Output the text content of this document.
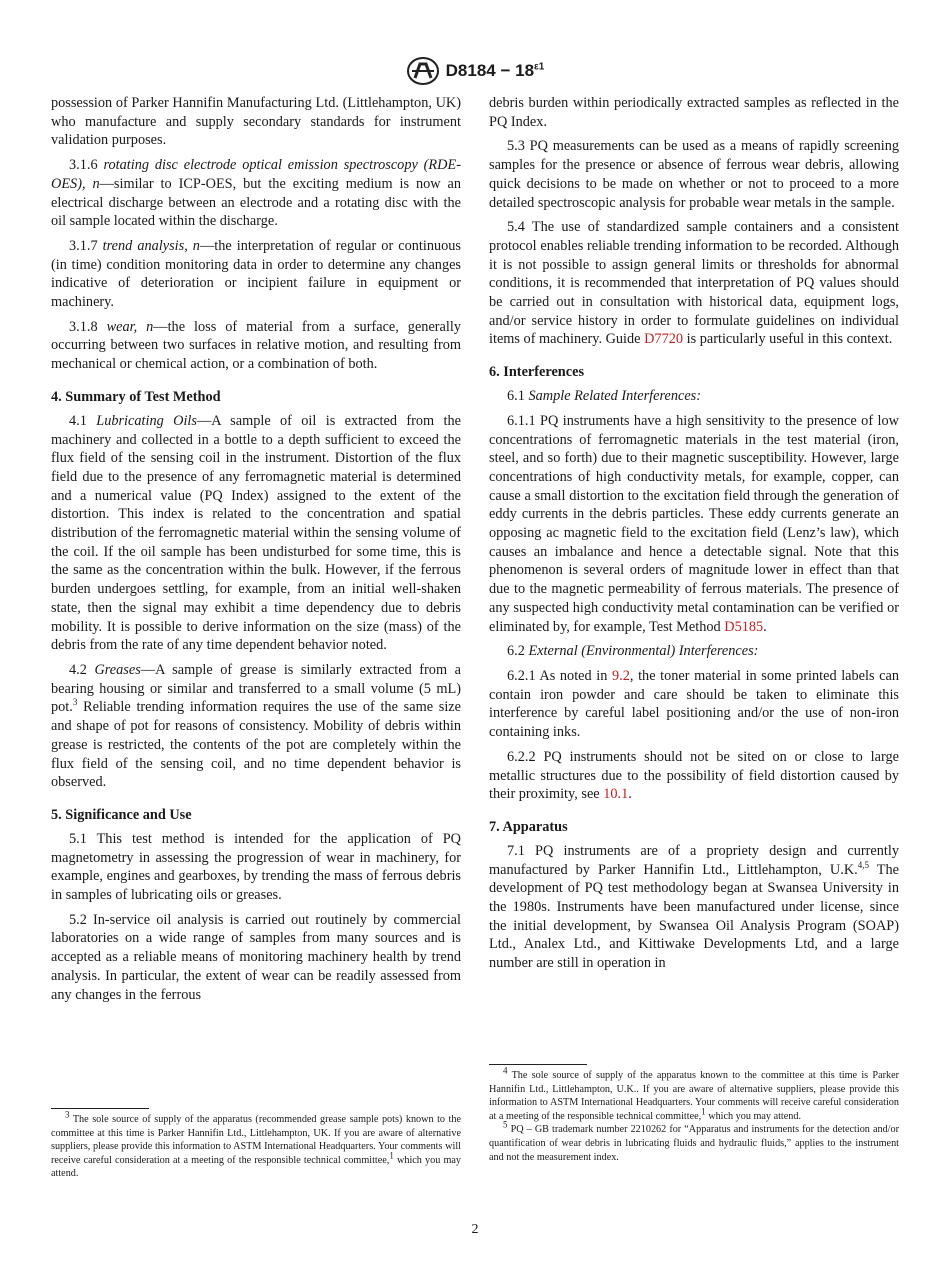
$D8184 - 18^{\varepsilon 1}$

possession of Parker Hannifin Manufacturing Ltd. (Littlehampton, UK) who manufacture and supply secondary standards for instrument validation purposes.

3.1.6 rotating disc electrode optical emission spectroscopy (RDE-OES), n—similar to ICP-OES, but the exciting medium is now an electrical discharge between an electrode and a rotating disc with the oil sample located within the discharge.

3.1.7 trend analysis, n—the interpretation of regular or continuous (in time) condition monitoring data in order to determine any changes indicative of deterioration or incipient failure in equipment or machinery.

3.1.8 wear, n—the loss of material from a surface, generally occurring between two surfaces in relative motion, and resulting from mechanical or chemical action, or a combination of both.

4. Summary of Test Method

4.1 Lubricating Oils—A sample of oil is extracted from the machinery and collected in a bottle to a depth sufficient to exceed the flux field of the sensing coil in the instrument. Distortion of the flux field due to the presence of any ferromagnetic material is determined and a numerical value (PQ Index) assigned to the extent of the distortion. This index is related to the concentration and spatial distribution of the ferromagnetic material within the sensing volume of the coil. If the oil sample has been undisturbed for some time, this is the same as the concentration within the bulk. However, if the ferrous burden undergoes settling, for example, from an initial well-shaken state, then the signal may exhibit a time dependency due to debris mobility. It is possible to derive information on the size (mass) of the debris from the rate of any time dependent behavior noted.

4.2 Greases—A sample of grease is similarly extracted from a bearing housing or similar and transferred to a small volume (5 mL) pot.$^3$ Reliable trending information requires the use of the same size and shape of pot for reasons of consistency. Mobility of debris within grease is restricted, the contents of the pot are completely within the flux field of the sensing coil, and no time dependent behavior is observed.

5. Significance and Use

5.1 This test method is intended for the application of PQ magnetometry in assessing the progression of wear in machinery, for example, engines and gearboxes, by trending the mass of ferrous debris in samples of lubricating oils or greases.

5.2 In-service oil analysis is carried out routinely by commercial laboratories on a wide range of samples from many sources and is accepted as a reliable means of monitoring machinery health by trend analysis. In particular, the extent of wear can be readily assessed from any changes in the ferrous

debris burden within periodically extracted samples as reflected in the PQ Index.

5.3 PQ measurements can be used as a means of rapidly screening samples for the presence or absence of ferrous wear debris, allowing quick decisions to be made on whether or not to proceed to a more detailed spectroscopic analysis for probable wear metals in the sample.

5.4 The use of standardized sample containers and a consistent protocol enables reliable trending information to be recorded. Although it is not possible to assign general limits or thresholds for abnormal conditions, it is recommended that interpretation of PQ values should be carried out in consultation with historical data, equipment logs, and/or service history in order to formulate guidelines on individual items of machinery. Guide D7720 is particularly useful in this context.

6. Interferences

6.1 Sample Related Interferences:

6.1.1 PQ instruments have a high sensitivity to the presence of low concentrations of ferromagnetic materials in the test material (iron, steel, and so forth) due to their magnetic susceptibility. However, large concentrations of high conductivity metals, for example, copper, can cause a small distortion to the excitation field through the generation of eddy currents in the debris particles. These eddy currents generate an opposing ac magnetic field to the excitation field (Lenz’s law), which causes an imbalance and hence a detectable signal. Note that this phenomenon is several orders of magnitude lower in effect than that due to the magnetic permeability of ferrous materials. The presence of any suspected high conductivity metal contamination can be verified or eliminated by, for example, Test Method D5185.

6.2 External (Environmental) Interferences:

6.2.1 As noted in 9.2, the toner material in some printed labels can contain iron powder and care should be taken to eliminate this interference by careful label positioning and/or the use of non-iron containing inks.

6.2.2 PQ instruments should not be sited on or close to large metallic structures due to the possibility of field distortion caused by their proximity, see 10.1.

7. Apparatus

7.1 PQ instruments are of a propriety design and currently manufactured by Parker Hannifin Ltd., Littlehampton, U.K.$^{4,5}$ The development of PQ test methodology began at Swansea University in the 1980s. Instruments have been manufactured under license, since the initial development, by Swansea Oil Analysis Program (SOAP) Ltd., Analex Ltd., and Kittiwake Developments Ltd, and a large number are still in operation in

$^3$ The sole source of supply of the apparatus (recommended grease sample pots) known to the committee at this time is Parker Hannifin Ltd., Littlehampton, UK. If you are aware of alternative suppliers, please provide this information to ASTM International Headquarters. Your comments will receive careful consideration at a meeting of the responsible technical committee,$^1$ which you may attend.

$^4$ The sole source of supply of the apparatus known to the committee at this time is Parker Hannifin Ltd., Littlehampton, U.K.. If you are aware of alternative suppliers, please provide this information to ASTM International Headquarters. Your comments will receive careful consideration at a meeting of the responsible technical committee,$^1$ which you may attend.

$^5$ PQ – GB trademark number 2210262 for “Apparatus and instruments for the detection and/or quantification of wear debris in lubricating fluids and hydraulic fluids,” applies to the instrument and not the measurement index.

2
